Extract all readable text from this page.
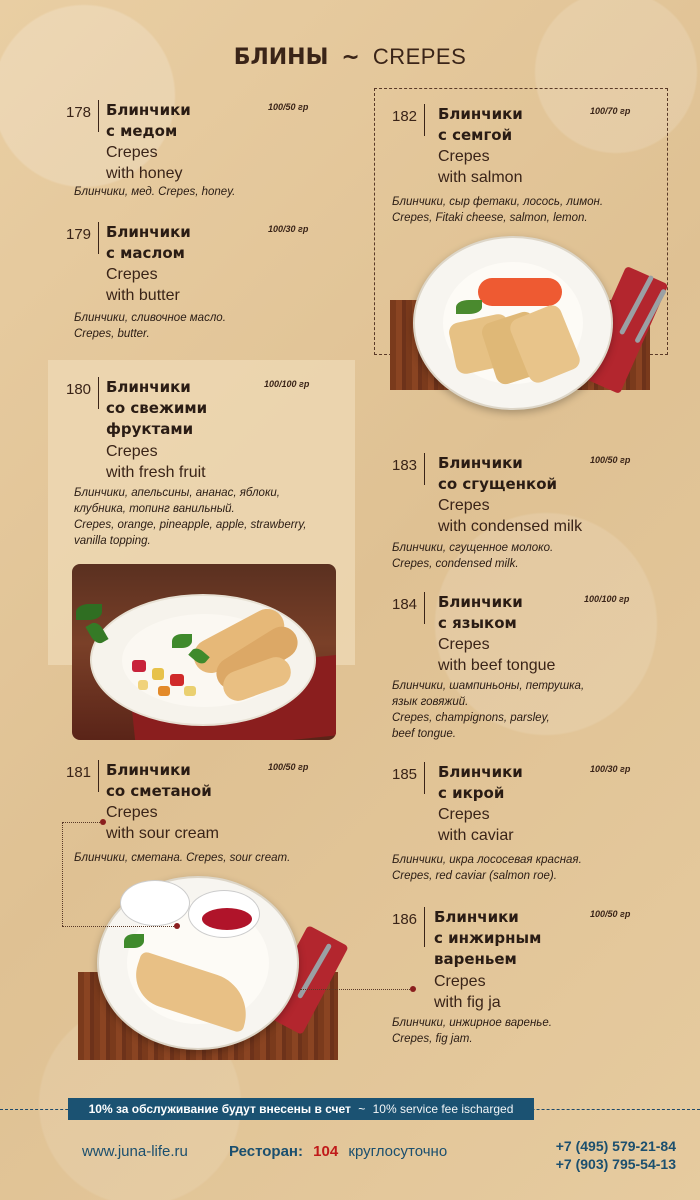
БЛИНЫ ~ CREPES
178 Блинчики
с медом
100/50 гр
Crepes
with honey
Блинчики, мед. Crepes, honey.
179 Блинчики
с маслом
100/30 гр
Crepes
with butter
Блинчики, сливочное масло.
Crepes, butter.
180 Блинчики
со свежими
фруктами
100/100 гр
Crepes
with fresh fruit
Блинчики, апельсины, ананас, яблоки,
клубника, топинг ванильный.
Crepes, orange, pineapple, apple, strawberry,
vanilla topping.
181 Блинчики
со сметаной
100/50 гр
Crepes
with sour cream
Блинчики, сметана. Crepes, sour cream.
182	Блинчики
с семгой
100/70 гр
Crepes
with salmon
Блинчики, сыр фетаки, лосось, лимон.
Crepes, Fitaki cheese, salmon, lemon.
183	Блинчики
со сгущенкой
100/50 гр
Crepes
with condensed milk
Блинчики, сгущенное молоко.
Crepes, condensed milk.
184	Блинчики
с языком
100/100 гр
Crepes
with beef tongue
Блинчики, шампиньоны, петрушка,
язык говяжий.
Crepes, champignons, parsley,
beef tongue.
185	Блинчики
с икрой
100/30 гр
Crepes
with caviar
Блинчики, икра лососевая красная.
Crepes, red caviar (salmon roe).
186	Блинчики
с инжирным
вареньем
100/50 гр
Crepes
with fig ja
Блинчики, инжирное варенье.
Crepes, fig jam.
10% за обслуживание будут внесены в счет ~ 10% service fee ischarged
www.juna-life.ru	Ресторан: 104 круглосуточно	+7 (495) 579-21-84
+7 (903) 795-54-13
